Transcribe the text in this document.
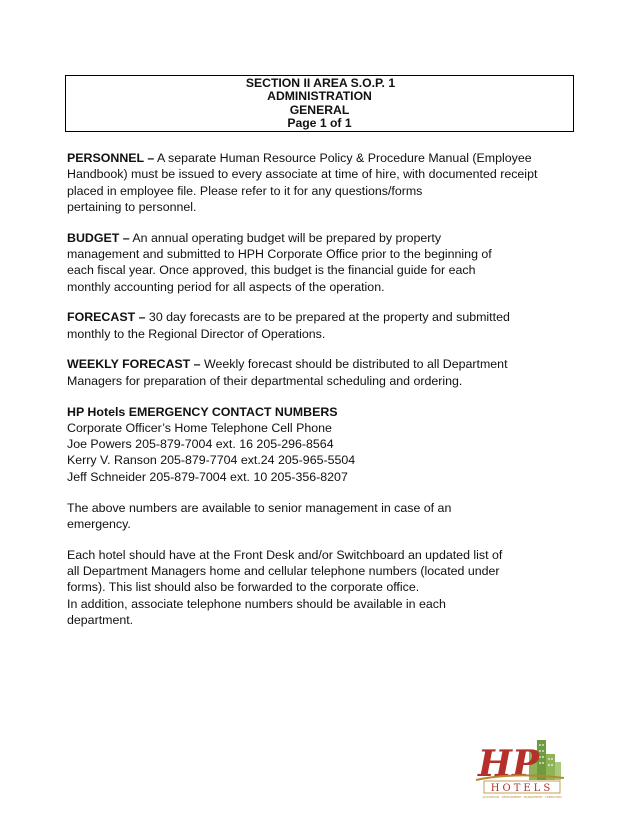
SECTION II AREA S.O.P. 1
ADMINISTRATION
GENERAL
Page 1 of 1
PERSONNEL – A separate Human Resource Policy & Procedure Manual (Employee
Handbook) must be issued to every associate at time of hire, with documented receipt
placed in employee file. Please refer to it for any questions/forms
pertaining to personnel.
BUDGET – An annual operating budget will be prepared by property
management and submitted to HPH Corporate Office prior to the beginning of
each fiscal year. Once approved, this budget is the financial guide for each
monthly accounting period for all aspects of the operation.
FORECAST – 30 day forecasts are to be prepared at the property and submitted
monthly to the Regional Director of Operations.
WEEKLY FORECAST – Weekly forecast should be distributed to all Department
Managers for preparation of their departmental scheduling and ordering.
HP Hotels EMERGENCY CONTACT NUMBERS
Corporate Officer’s Home Telephone Cell Phone
Joe Powers 205-879-7004 ext. 16 205-296-8564
Kerry V. Ranson 205-879-7704 ext.24 205-965-5504
Jeff Schneider 205-879-7004 ext. 10 205-356-8207
The above numbers are available to senior management in case of an
emergency.
Each hotel should have at the Front Desk and/or Switchboard an updated list of
all Department Managers home and cellular telephone numbers (located under
forms). This list should also be forwarded to the corporate office.
In addition, associate telephone numbers should be available in each
department.
HP
HOTELS
ACQUISITION · DEVELOPMENT · MANAGEMENT · CONSULTING
